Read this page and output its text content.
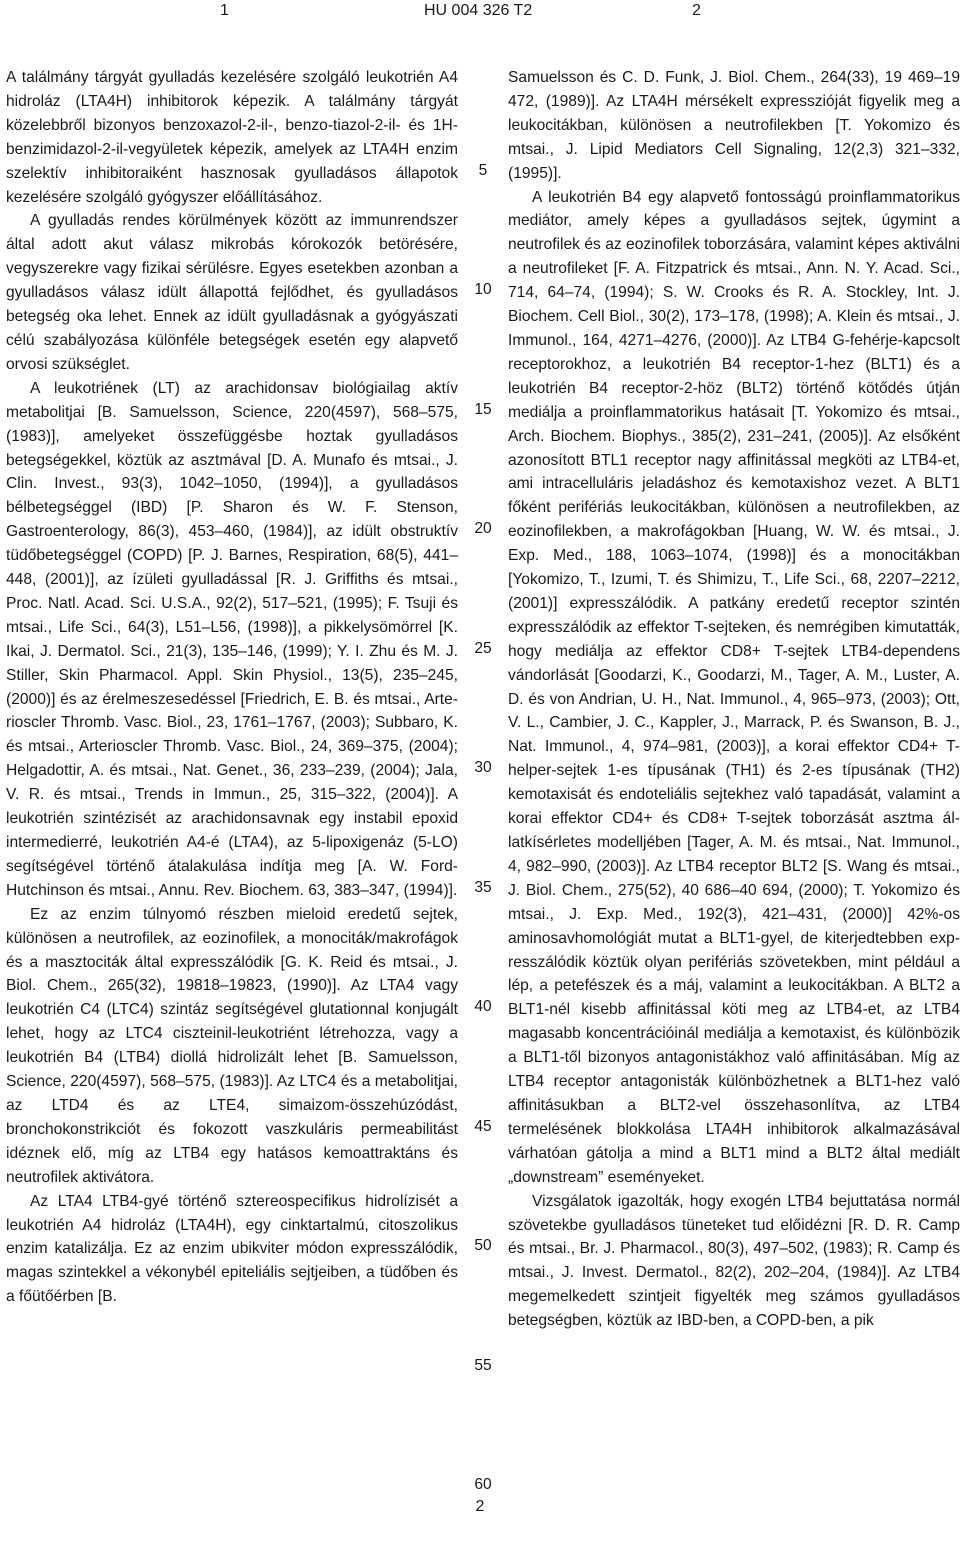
1	HU 004 326 T2	2

A találmány tárgyát gyulladás kezelésére szolgáló leukotrién A4 hidroláz (LTA4H) inhibitorok képezik. A találmány tárgyát közelebbről bizonyos benzoxazol-2-il-, benzo-tiazol-2-il- és 1H-benzimidazol-2-il-vegyületek képezik, amelyek az LTA4H enzim szelektív inhibitoraiként hasznosak gyulladásos állapotok kezelésére szolgáló gyógyszer előállításához.

A gyulladás rendes körülmények között az immunrendszer által adott akut válasz mikrobás kórokozók betörésére, vegyszerekre vagy fizikai sérülésre. Egyes esetekben azonban a gyulladásos válasz idült állapottá fejlődhet, és gyulladásos betegség oka lehet. Ennek az idült gyulladásnak a gyógyászati célú szabályozása különféle betegségek esetén egy alapvető orvosi szükséglet.

A leukotriének (LT) az arachidonsav biológiailag aktív metabolitjai [B. Samuelsson, Science, 220(4597), 568–575, (1983)], amelyeket összefüggésbe hoztak gyulladásos betegségekkel, köztük az asztmával [D. A. Munafo és mtsai., J. Clin. Invest., 93(3), 1042–1050, (1994)], a gyulladásos bélbetegséggel (IBD) [P. Sharon és W. F. Stenson, Gastroenterology, 86(3), 453–460, (1984)], az idült obstruktív tüdőbetegséggel (COPD) [P. J. Barnes, Respiration, 68(5), 441–448, (2001)], az ízületi gyulladással [R. J. Griffiths és mtsai., Proc. Natl. Acad. Sci. U.S.A., 92(2), 517–521, (1995); F. Tsuji és mtsai., Life Sci., 64(3), L51–L56, (1998)], a pikkelysömörrel [K. Ikai, J. Dermatol. Sci., 21(3), 135–146, (1999); Y. I. Zhu és M. J. Stiller, Skin Pharmacol. Appl. Skin Physiol., 13(5), 235–245, (2000)] és az érelmeszesedéssel [Friedrich, E. B. és mtsai., Arterioscler Thromb. Vasc. Biol., 23, 1761–1767, (2003); Subbaro, K. és mtsai., Arterioscler Thromb. Vasc. Biol., 24, 369–375, (2004); Helgadottir, A. és mtsai., Nat. Genet., 36, 233–239, (2004); Jala, V. R. és mtsai., Trends in Immun., 25, 315–322, (2004)]. A leukotrién szintézisét az arachidonsavnak egy instabil epoxid intermedierré, leukotrién A4-é (LTA4), az 5-lipoxigenáz (5-LO) segítségével történő átalakulása indítja meg [A. W. Ford-Hutchinson és mtsai., Annu. Rev. Biochem. 63, 383–347, (1994)].

Ez az enzim túlnyomó részben mieloid eredetű sejtek, különösen a neutrofilek, az eozinofilek, a monociták/makrofágok és a masztociták által expresszálódik [G. K. Reid és mtsai., J. Biol. Chem., 265(32), 19818–19823, (1990)]. Az LTA4 vagy leukotrién C4 (LTC4) szintáz segítségével glutationnal konjugált lehet, hogy az LTC4 ciszteinil-leukotriént létrehozza, vagy a leukotrién B4 (LTB4) diollá hidrolizált lehet [B. Samuelsson, Science, 220(4597), 568–575, (1983)]. Az LTC4 és a metabolitjai, az LTD4 és az LTE4, simaizom-összehúzódást, bronchokonstrikciót és fokozott vaszkuláris permeabilitást idéznek elő, míg az LTB4 egy hatásos kemoattraktáns és neutrofilek aktivátora.

Az LTA4 LTB4-gyé történő sztereospecifikus hidrolízisét a leukotrién A4 hidroláz (LTA4H), egy cinktartalmú, citoszolikus enzim katalizálja. Ez az enzim ubikviter módon expresszálódik, magas szintekkel a vékonybél epiteliális sejtjeiben, a tüdőben és a főütőérben [B.

5
10
15
20
25
30
35
40
45
50
55
60

Samuelsson és C. D. Funk, J. Biol. Chem., 264(33), 19 469–19 472, (1989)]. Az LTA4H mérsékelt expresszióját figyelik meg a leukocitákban, különösen a neutrofilekben [T. Yokomizo és mtsai., J. Lipid Mediators Cell Signaling, 12(2,3) 321–332, (1995)].

A leukotrién B4 egy alapvető fontosságú proinflammatorikus mediátor, amely képes a gyulladásos sejtek, úgymint a neutrofilek és az eozinofilek toborzására, valamint képes aktiválni a neutrofileket [F. A. Fitzpatrick és mtsai., Ann. N. Y. Acad. Sci., 714, 64–74, (1994); S. W. Crooks és R. A. Stockley, Int. J. Biochem. Cell Biol., 30(2), 173–178, (1998); A. Klein és mtsai., J. Immunol., 164, 4271–4276, (2000)]. Az LTB4 G-fehérje-kapcsolt receptorokhoz, a leukotrién B4 receptor-1-hez (BLT1) és a leukotrién B4 receptor-2-höz (BLT2) történő kötődés útján mediálja a proinflammatorikus hatásait [T. Yokomizo és mtsai., Arch. Biochem. Biophys., 385(2), 231–241, (2005)]. Az elsőként azonosított BTL1 receptor nagy affinitással megköti az LTB4-et, ami intracelluláris jeladáshoz és kemotaxishoz vezet. A BLT1 főként perifériás leukocitákban, különösen a neutrofilekben, az eozinofilekben, a makrofágokban [Huang, W. W. és mtsai., J. Exp. Med., 188, 1063–1074, (1998)] és a monocitákban [Yokomizo, T., Izumi, T. és Shimizu, T., Life Sci., 68, 2207–2212, (2001)] expresszálódik. A patkány eredetű receptor szintén expresszálódik az effektor T-sejteken, és nemrégiben kimutatták, hogy mediálja az effektor CD8+ T-sejtek LTB4-dependens vándorlását [Goodarzi, K., Goodarzi, M., Tager, A. M., Luster, A. D. és von Andrian, U. H., Nat. Immunol., 4, 965–973, (2003); Ott, V. L., Cambier, J. C., Kappler, J., Marrack, P. és Swanson, B. J., Nat. Immunol., 4, 974–981, (2003)], a korai effektor CD4+ T-helper-sejtek 1-es típusának (TH1) és 2-es típusának (TH2) kemotaxisát és endoteliális sejtekhez való tapadását, valamint a korai effektor CD4+ és CD8+ T-sejtek toborzását asztma állatkísérletes modelljében [Tager, A. M. és mtsai., Nat. Immunol., 4, 982–990, (2003)]. Az LTB4 receptor BLT2 [S. Wang és mtsai., J. Biol. Chem., 275(52), 40 686–40 694, (2000); T. Yokomizo és mtsai., J. Exp. Med., 192(3), 421–431, (2000)] 42%-os aminosavhomológiát mutat a BLT1-gyel, de kiterjedtebben expresszálódik köztük olyan perifériás szövetekben, mint például a lép, a petefészek és a máj, valamint a leukocitákban. A BLT2 a BLT1-nél kisebb affinitással köti meg az LTB4-et, az LTB4 magasabb koncentrációinál mediálja a kemotaxist, és különbözik a BLT1-től bizonyos antagonistákhoz való affinitásában. Míg az LTB4 receptor antagonisták különbözhetnek a BLT1-hez való affinitásukban a BLT2-vel összehasonlítva, az LTB4 termelésének blokkolása LTA4H inhibitorok alkalmazásával várhatóan gátolja a mind a BLT1 mind a BLT2 által mediált „downstream” eseményeket.

Vizsgálatok igazolták, hogy exogén LTB4 bejuttatása normál szövetekbe gyulladásos tüneteket tud előidézni [R. D. R. Camp és mtsai., Br. J. Pharmacol., 80(3), 497–502, (1983); R. Camp és mtsai., J. Invest. Dermatol., 82(2), 202–204, (1984)]. Az LTB4 megemelkedett szintjeit figyelték meg számos gyulladásos betegségben, köztük az IBD-ben, a COPD-ben, a pik

2
